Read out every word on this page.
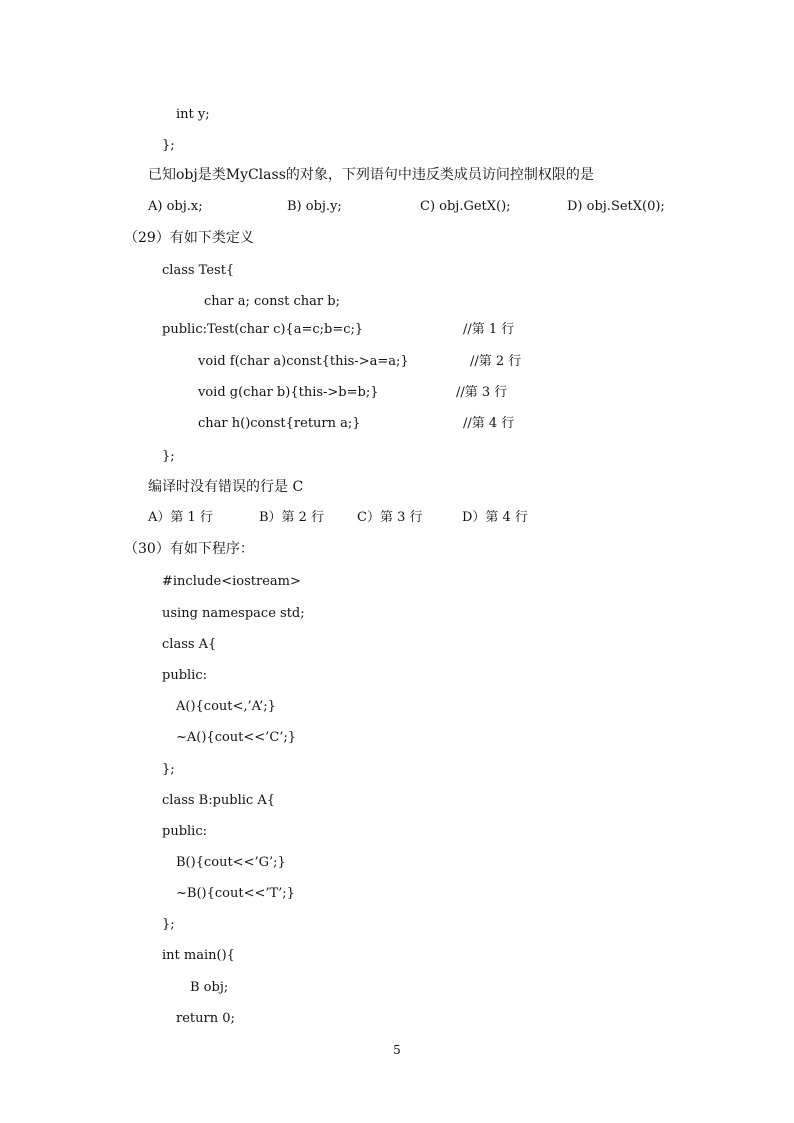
int y;
};
已知obj是类MyClass的对象，下列语句中违反类成员访问控制权限的是
A) obj.x;	B) obj.y;	C) obj.GetX();	D) obj.SetX(0);
（29）有如下类定义
class Test{
char a; const char b;
public:Test(char c){a=c;b=c;}	//第 1 行
void f(char a)const{this->a=a;}	//第 2 行
void g(char b){this->b=b;}	//第 3 行
char h()const{return a;}	//第 4 行
};
编译时没有错误的行是 C
A）第 1 行	B）第 2 行	C）第 3 行	D）第 4 行
（30）有如下程序：
#include<iostream>
using namespace std;
class A{
public:
A(){cout<,’A’;}
~A(){cout<<’C’;}
};
class B:public A{
public:
B(){cout<<’G’;}
~B(){cout<<’T’;}
};
int main(){
B obj;
return 0;
5
